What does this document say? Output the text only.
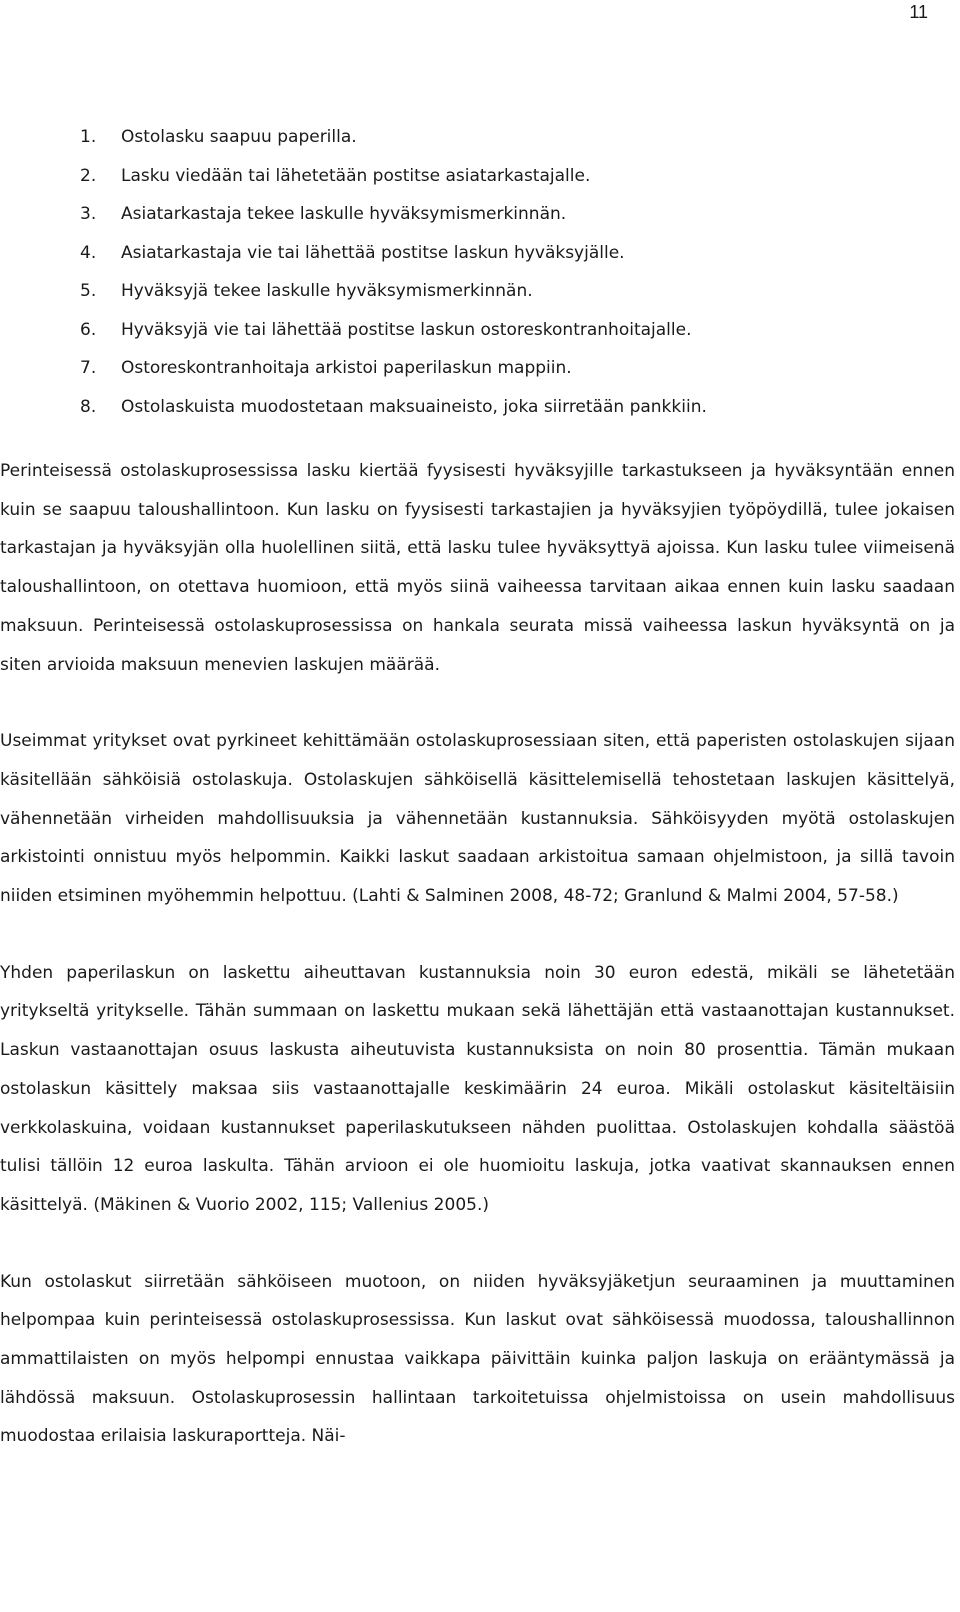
11
1. Ostolasku saapuu paperilla.
2. Lasku viedään tai lähetetään postitse asiatarkastajalle.
3. Asiatarkastaja tekee laskulle hyväksymismerkinnän.
4. Asiatarkastaja vie tai lähettää postitse laskun hyväksyjälle.
5. Hyväksyjä tekee laskulle hyväksymismerkinnän.
6. Hyväksyjä vie tai lähettää postitse laskun ostoreskontranhoitajalle.
7. Ostoreskontranhoitaja arkistoi paperilaskun mappiin.
8. Ostolaskuista muodostetaan maksuaineisto, joka siirretään pankkiin.

Perinteisessä ostolaskuprosessissa lasku kiertää fyysisesti hyväksyjille tarkastukseen ja hyväksyntään ennen kuin se saapuu taloushallintoon. Kun lasku on fyysisesti tarkastajien ja hyväksyjien työpöydillä, tulee jokaisen tarkastajan ja hyväksyjän olla huolellinen siitä, että lasku tulee hyväksyttyä ajoissa. Kun lasku tulee viimeisenä taloushallintoon, on otettava huomioon, että myös siinä vaiheessa tarvitaan aikaa ennen kuin lasku saadaan maksuun. Perinteisessä ostolaskuprosessissa on hankala seurata missä vaiheessa laskun hyväksyntä on ja siten arvioida maksuun menevien laskujen määrää.

Useimmat yritykset ovat pyrkineet kehittämään ostolaskuprosessiaan siten, että paperisten ostolaskujen sijaan käsitellään sähköisiä ostolaskuja. Ostolaskujen sähköisellä käsittelemisellä tehostetaan laskujen käsittelyä, vähennetään virheiden mahdollisuuksia ja vähennetään kustannuksia. Sähköisyyden myötä ostolaskujen arkistointi onnistuu myös helpommin. Kaikki laskut saadaan arkistoitua samaan ohjelmistoon, ja sillä tavoin niiden etsiminen myöhemmin helpottuu. (Lahti & Salminen 2008, 48-72; Granlund & Malmi 2004, 57-58.)

Yhden paperilaskun on laskettu aiheuttavan kustannuksia noin 30 euron edestä, mikäli se lähetetään yritykseltä yritykselle. Tähän summaan on laskettu mukaan sekä lähettäjän että vastaanottajan kustannukset. Laskun vastaanottajan osuus laskusta aiheutuvista kustannuksista on noin 80 prosenttia. Tämän mukaan ostolaskun käsittely maksaa siis vastaanottajalle keskimäärin 24 euroa. Mikäli ostolaskut käsiteltäisiin verkkolaskuina, voidaan kustannukset paperilaskutukseen nähden puolittaa. Ostolaskujen kohdalla säästöä tulisi tällöin 12 euroa laskulta. Tähän arvioon ei ole huomioitu laskuja, jotka vaativat skannauksen ennen käsittelyä. (Mäkinen & Vuorio 2002, 115; Vallenius 2005.)

Kun ostolaskut siirretään sähköiseen muotoon, on niiden hyväksyjäketjun seuraaminen ja muuttaminen helpompaa kuin perinteisessä ostolaskuprosessissa. Kun laskut ovat sähköisessä muodossa, taloushallinnon ammattilaisten on myös helpompi ennustaa vaikkapa päivittäin kuinka paljon laskuja on erääntymässä ja lähdössä maksuun. Ostolaskuprosessin hallintaan tarkoitetuissa ohjelmistoissa on usein mahdollisuus muodostaa erilaisia laskuraportteja. Näi-
